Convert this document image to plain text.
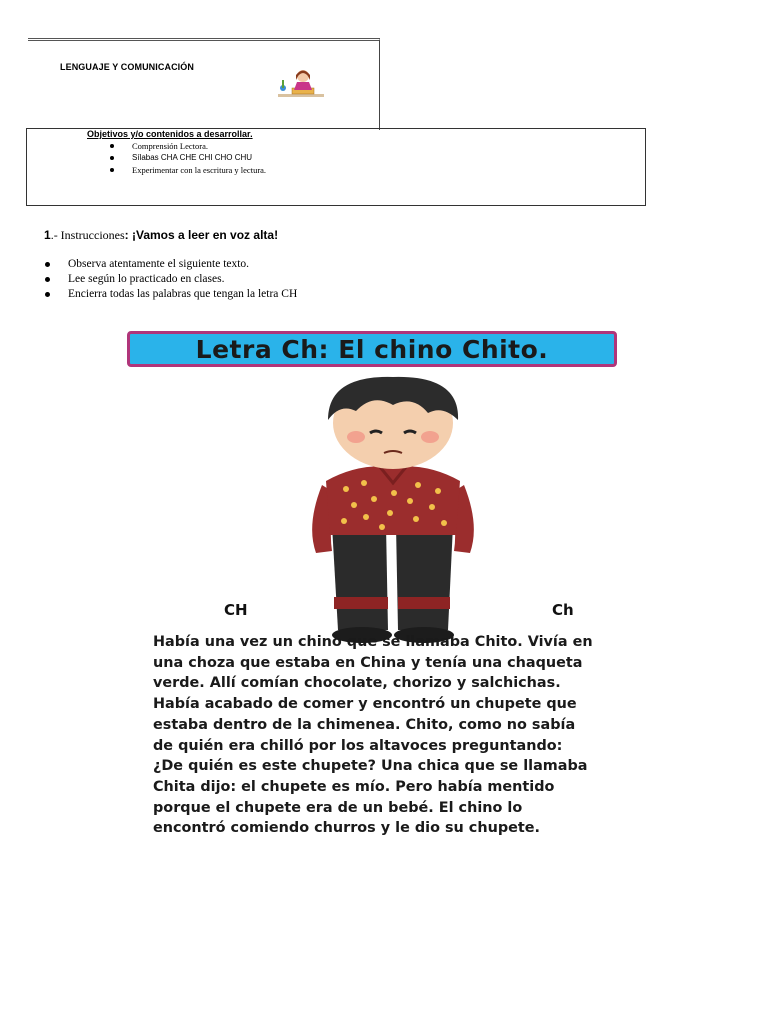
LENGUAJE Y COMUNICACIÓN
Objetivos y/o contenidos a desarrollar.
Comprensión Lectora.
Sílabas CHA CHE CHI CHO CHU
Experimentar con la escritura y lectura.
1.- Instrucciones: ¡Vamos a leer en voz alta!
Observa atentamente el siguiente texto.
Lee según lo practicado en clases.
Encierra todas las palabras que tengan la letra CH
Letra Ch: El chino Chito.
CH	Ch
Había una vez un chino que se llamaba Chito. Vivía en
una choza que estaba en China y tenía una chaqueta
verde. Allí comían chocolate, chorizo y salchichas.
Había acabado de comer y encontró un chupete que
estaba dentro de la chimenea. Chito, como no sabía
de quién era chilló por los altavoces preguntando:
¿De quién es este chupete? Una chica que se llamaba
Chita dijo: el chupete es mío. Pero había mentido
porque el chupete era de un bebé. El chino lo
encontró comiendo churros y le dio su chupete.
